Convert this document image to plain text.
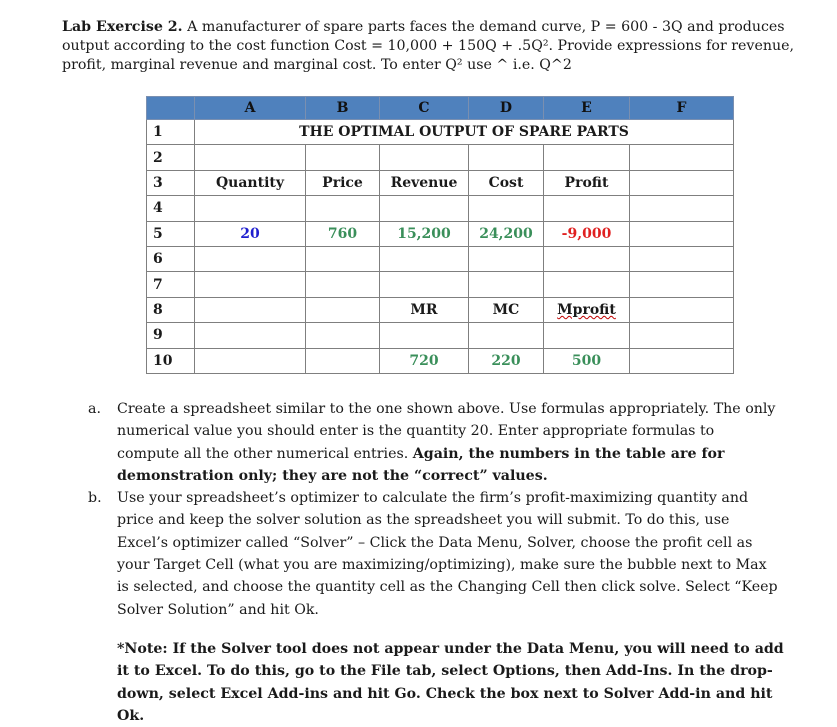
Lab Exercise 2. A manufacturer of spare parts faces the demand curve, P = 600 - 3Q and produces output according to the cost function Cost = 10,000 + 150Q + .5Q². Provide expressions for revenue, profit, marginal revenue and marginal cost. To enter Q² use ^ i.e. Q^2
	A	B	C	D	E	F
1	THE OPTIMAL OUTPUT OF SPARE PARTS					
2						
3	Quantity	Price	Revenue	Cost	Profit	
4						
5	20	760	15,200	24,200	-9,000	
6						
7						
8			MR	MC	Mprofit	
9						
10			720	220	500	
a.	Create a spreadsheet similar to the one shown above. Use formulas appropriately. The only numerical value you should enter is the quantity 20. Enter appropriate formulas to compute all the other numerical entries. Again, the numbers in the table are for demonstration only; they are not the “correct” values.
b.	Use your spreadsheet’s optimizer to calculate the firm’s profit-maximizing quantity and price and keep the solver solution as the spreadsheet you will submit. To do this, use Excel’s optimizer called “Solver” – Click the Data Menu, Solver, choose the profit cell as your Target Cell (what you are maximizing/optimizing), make sure the bubble next to Max is selected, and choose the quantity cell as the Changing Cell then click solve. Select “Keep Solver Solution” and hit Ok.
*Note: If the Solver tool does not appear under the Data Menu, you will need to add it to Excel. To do this, go to the File tab, select Options, then Add-Ins. In the drop-down, select Excel Add-ins and hit Go. Check the box next to Solver Add-in and hit Ok.
